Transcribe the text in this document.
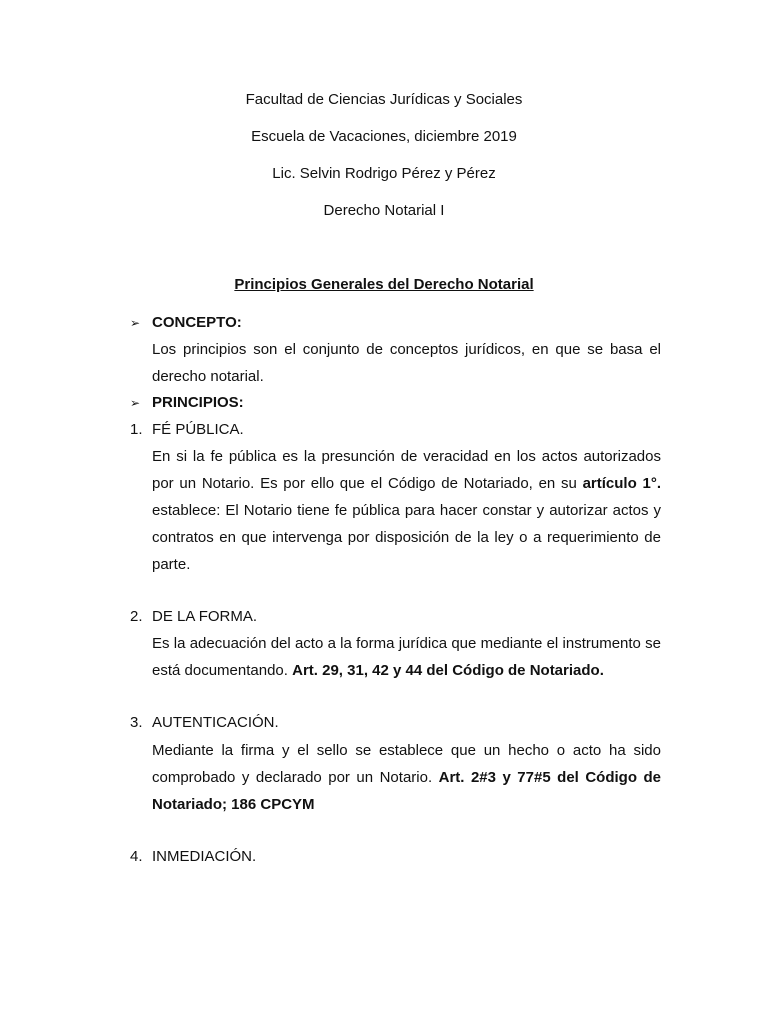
Facultad de Ciencias Jurídicas y Sociales
Escuela de Vacaciones, diciembre 2019
Lic. Selvin Rodrigo Pérez y Pérez
Derecho Notarial I
Principios Generales del Derecho Notarial
➢ CONCEPTO:

Los principios son el conjunto de conceptos jurídicos, en que se basa el derecho notarial.

➢ PRINCIPIOS:
1. FÉ PÚBLICA.

En si la fe pública es la presunción de veracidad en los actos autorizados por un Notario. Es por ello que el Código de Notariado, en su artículo 1°. establece: El Notario tiene fe pública para hacer constar y autorizar actos y contratos en que intervenga por disposición de la ley o a requerimiento de parte.

2. DE LA FORMA.

Es la adecuación del acto a la forma jurídica que mediante el instrumento se está documentando. Art. 29, 31, 42 y 44 del Código de Notariado.

3. AUTENTICACIÓN.

Mediante la firma y el sello se establece que un hecho o acto ha sido comprobado y declarado por un Notario. Art. 2#3 y 77#5 del Código de Notariado; 186 CPCYM

4. INMEDIACIÓN.
